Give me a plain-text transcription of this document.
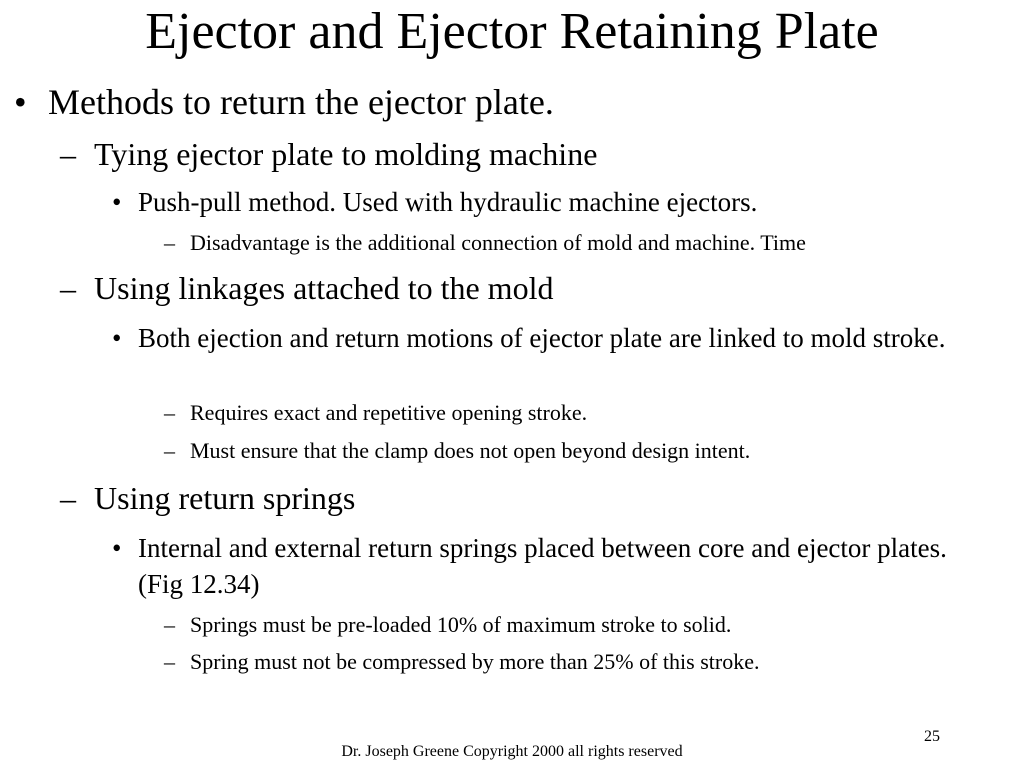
Ejector and Ejector Retaining Plate
• Methods to return the ejector plate.
– Tying ejector plate to molding machine
• Push-pull method. Used with hydraulic machine ejectors.
– Disadvantage is the additional connection of mold and machine. Time
– Using linkages attached to the mold
• Both ejection and return motions of ejector plate are linked to mold stroke.
– Requires exact and repetitive opening stroke.
– Must ensure that the clamp does not open beyond design intent.
– Using return springs
• Internal and external return springs placed between core and ejector plates. (Fig 12.34)
– Springs must be pre-loaded 10% of maximum stroke to solid.
– Spring must not be compressed by more than 25% of this stroke.
25
Dr. Joseph Greene Copyright 2000 all rights reserved
